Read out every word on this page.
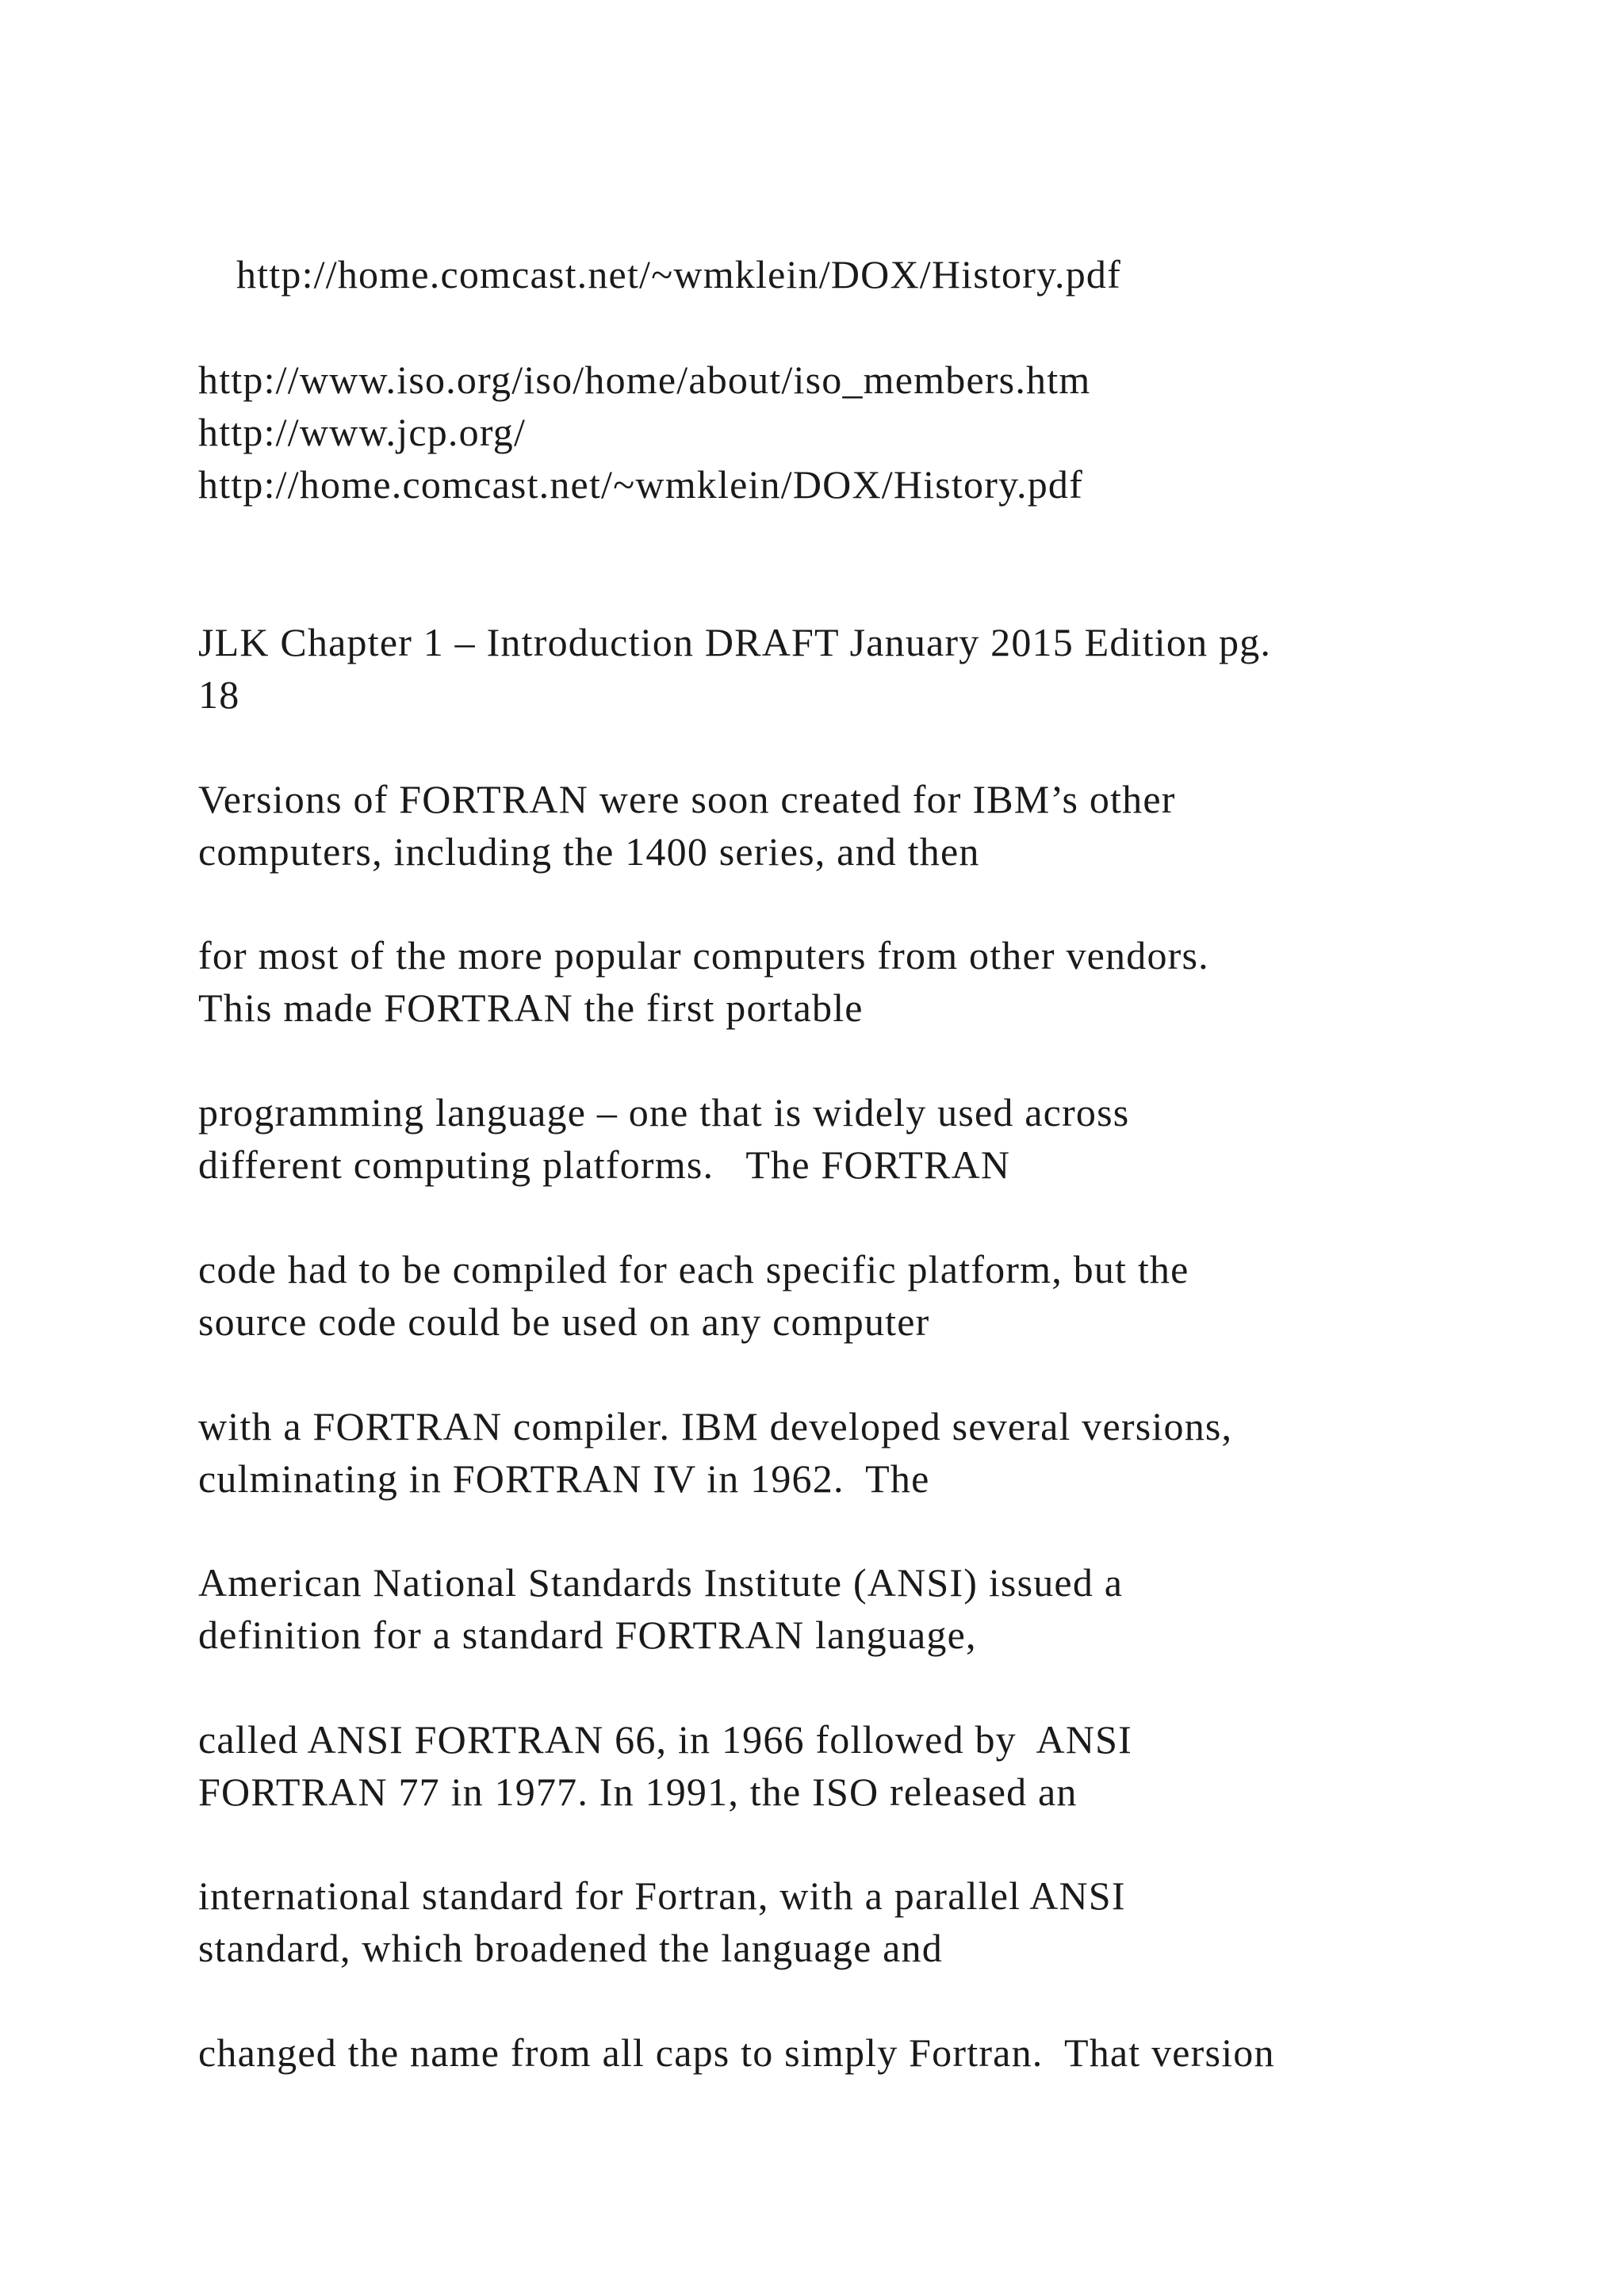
http://home.comcast.net/~wmklein/DOX/History.pdf
http://www.iso.org/iso/home/about/iso_members.htm
http://www.jcp.org/
http://home.comcast.net/~wmklein/DOX/History.pdf
JLK Chapter 1 – Introduction DRAFT January 2015 Edition pg.
18
Versions of FORTRAN were soon created for IBM’s other
computers, including the 1400 series, and then
for most of the more popular computers from other vendors.
This made FORTRAN the first portable
programming language – one that is widely used across
different computing platforms.   The FORTRAN
code had to be compiled for each specific platform, but the
source code could be used on any computer
with a FORTRAN compiler. IBM developed several versions,
culminating in FORTRAN IV in 1962.  The
American National Standards Institute (ANSI) issued a
definition for a standard FORTRAN language,
called ANSI FORTRAN 66, in 1966 followed by  ANSI
FORTRAN 77 in 1977. In 1991, the ISO released an
international standard for Fortran, with a parallel ANSI
standard, which broadened the language and
changed the name from all caps to simply Fortran.  That version
